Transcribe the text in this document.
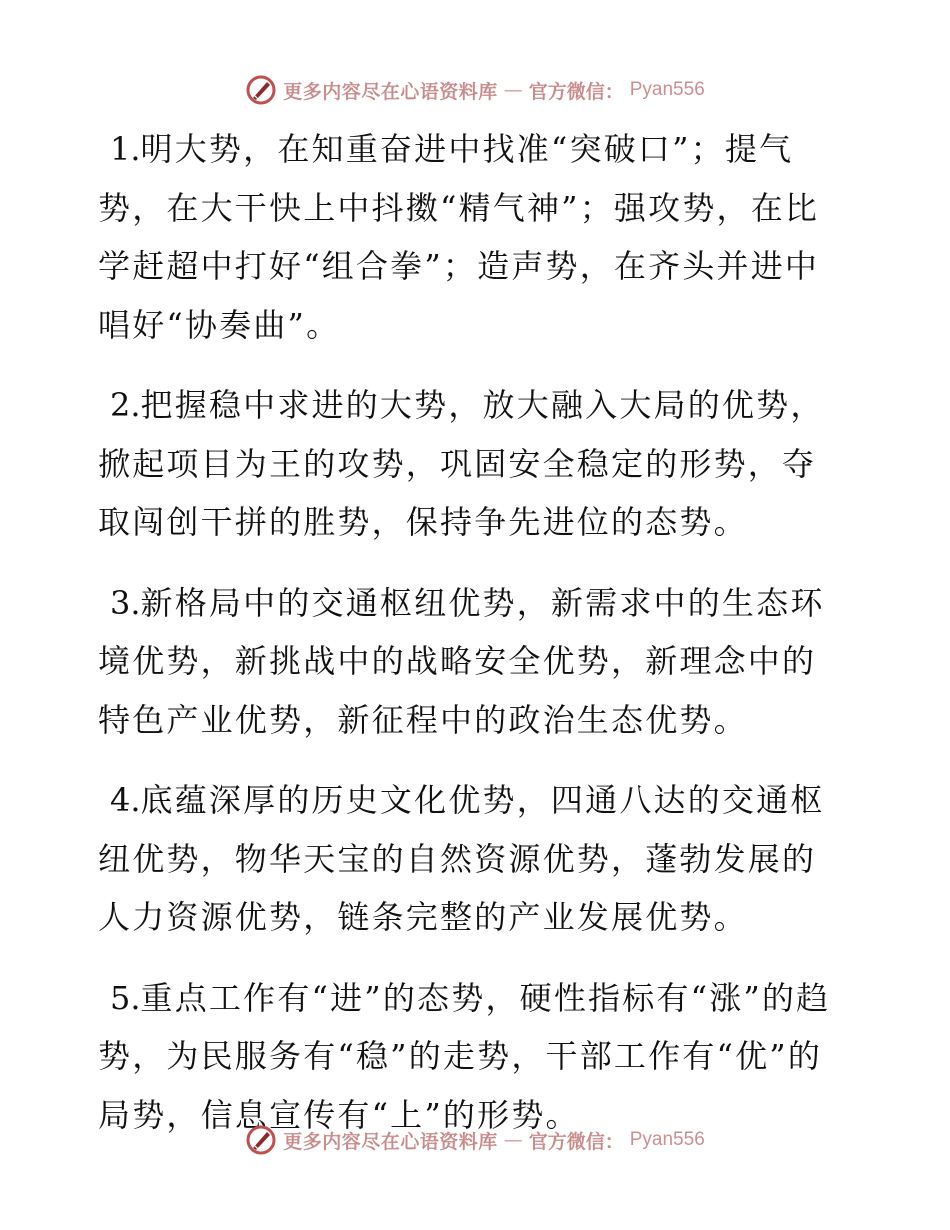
更多内容尽在心语资料库 — 官方微信： Pyan556

1.明大势，在知重奋进中找准“突破口”；提气势，在大干快上中抖擞“精气神”；强攻势，在比学赶超中打好“组合拳”；造声势，在齐头并进中唱好“协奏曲”。

2.把握稳中求进的大势，放大融入大局的优势，掀起项目为王的攻势，巩固安全稳定的形势，夺取闯创干拼的胜势，保持争先进位的态势。

3.新格局中的交通枢纽优势，新需求中的生态环境优势，新挑战中的战略安全优势，新理念中的特色产业优势，新征程中的政治生态优势。

4.底蕴深厚的历史文化优势，四通八达的交通枢纽优势，物华天宝的自然资源优势，蓬勃发展的人力资源优势，链条完整的产业发展优势。

5.重点工作有“进”的态势，硬性指标有“涨”的趋势，为民服务有“稳”的走势，干部工作有“优”的局势，信息宣传有“上”的形势。

更多内容尽在心语资料库 — 官方微信： Pyan556
